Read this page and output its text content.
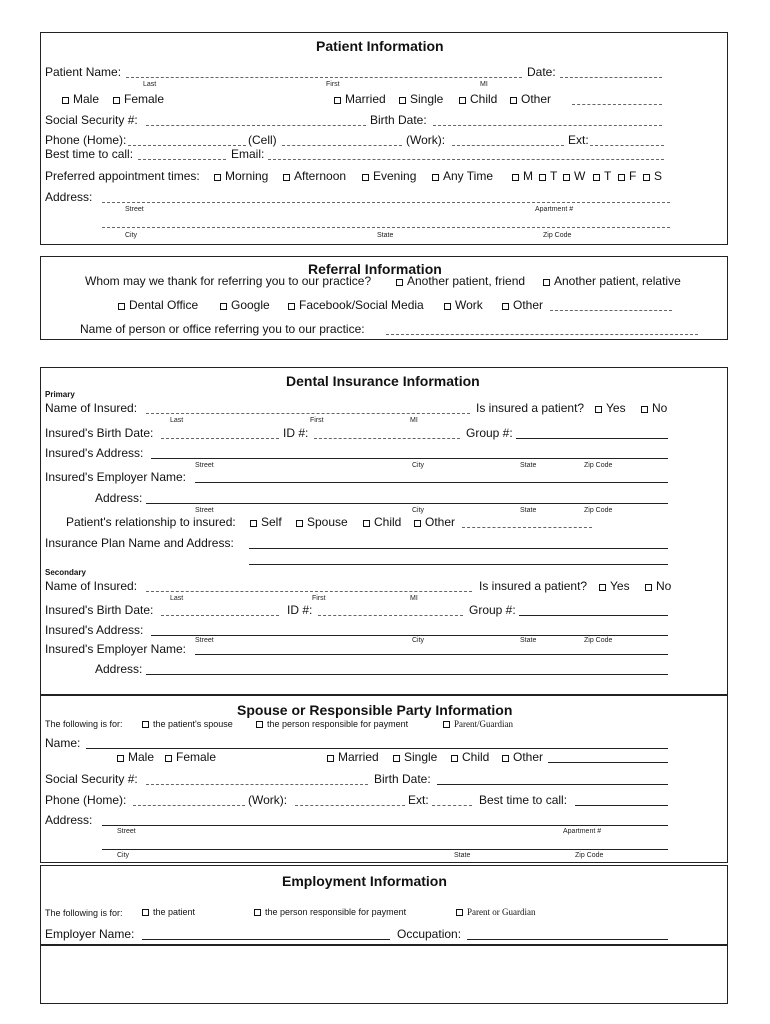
Patient Information
Patient Name:	Date:
Last	First	MI
Male	Female	Married	Single	Child	Other
Social Security #:	Birth Date:
Phone (Home):	(Cell)	(Work):	Ext:
Best time to call:	Email:
Preferred appointment times:	Morning	Afternoon	Evening	Any Time	M	T	W	T	F	S
Address:
Street	Apartment #
City	State	Zip Code
Referral Information
Whom may we thank for referring you to our practice?	Another patient, friend	Another patient, relative
Dental Office	Google	Facebook/Social Media	Work	Other
Name of person or office referring you to our practice:
Dental Insurance Information
Primary
Name of Insured:	Is insured a patient?	Yes	No
Last	First	MI
Insured's Birth Date:	ID #:	Group #:
Insured's Address:
Street	City	State	Zip Code
Insured's Employer Name:
Address:
Street	City	State	Zip Code
Patient's relationship to insured:	Self	Spouse	Child	Other
Insurance Plan Name and Address:
Secondary
Name of Insured:	Is insured a patient?	Yes	No
Last	First	MI
Insured's Birth Date:	ID #:	Group #:
Insured's Address:
Street	City	State	Zip Code
Insured's Employer Name:
Address:
Spouse or Responsible Party Information
The following is for:	the patient's spouse	the person responsible for payment	Parent/Guardian
Name:
Male	Female	Married	Single	Child	Other
Social Security #:	Birth Date:
Phone (Home):	(Work):	Ext:	Best time to call:
Address:
Street	Apartment #
City	State	Zip Code
Employment Information
The following is for:	the patient	the person responsible for payment	Parent or Guardian
Employer Name:	Occupation:
